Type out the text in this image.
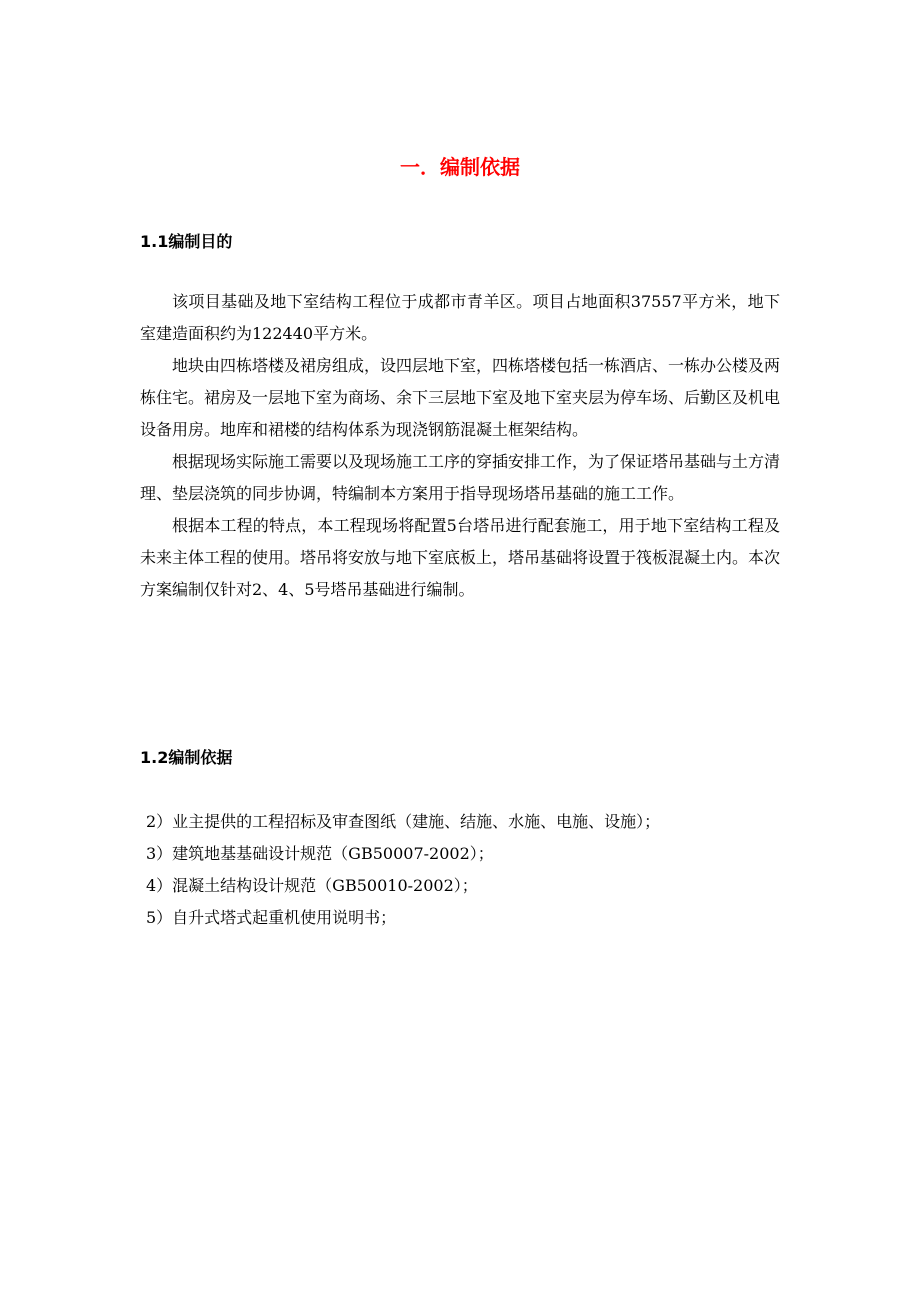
一．编制依据
1.1编制目的

该项目基础及地下室结构工程位于成都市青羊区。项目占地面积37557平方米，地下室建造面积约为122440平方米。

地块由四栋塔楼及裙房组成，设四层地下室，四栋塔楼包括一栋酒店、一栋办公楼及两栋住宅。裙房及一层地下室为商场、余下三层地下室及地下室夹层为停车场、后勤区及机电设备用房。地库和裙楼的结构体系为现浇钢筋混凝土框架结构。

根据现场实际施工需要以及现场施工工序的穿插安排工作，为了保证塔吊基础与土方清理、垫层浇筑的同步协调，特编制本方案用于指导现场塔吊基础的施工工作。

根据本工程的特点，本工程现场将配置5台塔吊进行配套施工，用于地下室结构工程及未来主体工程的使用。塔吊将安放与地下室底板上，塔吊基础将设置于筏板混凝土内。本次方案编制仅针对2、4、5号塔吊基础进行编制。

1.2编制依据
2）业主提供的工程招标及审查图纸（建施、结施、水施、电施、设施）；
3）建筑地基基础设计规范（GB50007-2002）；
4）混凝土结构设计规范（GB50010-2002）；
5）自升式塔式起重机使用说明书；
